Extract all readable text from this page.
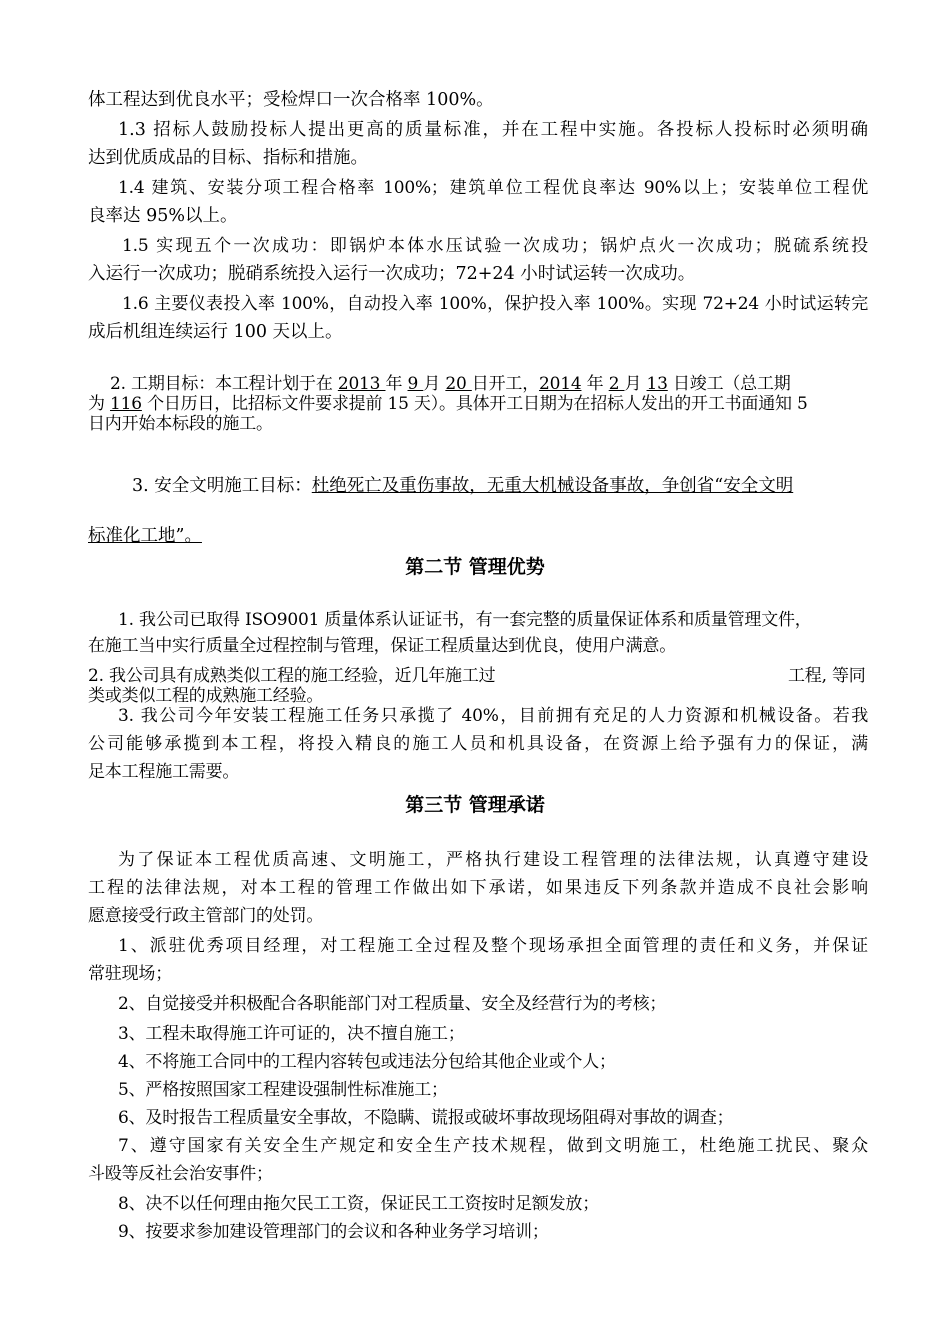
体工程达到优良水平；受检焊口一次合格率 100%。
1.3 招标人鼓励投标人提出更高的质量标准，并在工程中实施。各投标人投标时必须明确
达到优质成品的目标、指标和措施。
1.4 建筑、安装分项工程合格率 100%；建筑单位工程优良率达 90%以上；安装单位工程优
良率达 95%以上。
1.5 实现五个一次成功：即锅炉本体水压试验一次成功；锅炉点火一次成功；脱硫系统投
入运行一次成功；脱硝系统投入运行一次成功；72+24 小时试运转一次成功。
1.6 主要仪表投入率 100%，自动投入率 100%，保护投入率 100%。实现 72+24 小时试运转完
成后机组连续运行 100 天以上。
2. 工期目标：本工程计划于在 2013 年 9 月 20 日开工，2014 年 2 月 13 日竣工（总工期
为 116 个日历日，比招标文件要求提前 15 天）。具体开工日期为在招标人发出的开工书面通知 5
日内开始本标段的施工。
3. 安全文明施工目标：杜绝死亡及重伤事故，无重大机械设备事故，争创省“安全文明
标准化工地”。
第二节 管理优势
1. 我公司已取得 ISO9001 质量体系认证证书，有一套完整的质量保证体系和质量管理文件，
在施工当中实行质量全过程控制与管理，保证工程质量达到优良，使用户满意。
2. 我公司具有成熟类似工程的施工经验，近几年施工过	工程, 等同
类或类似工程的成熟施工经验。
3. 我公司今年安装工程施工任务只承揽了 40%，目前拥有充足的人力资源和机械设备。若我
公司能够承揽到本工程，将投入精良的施工人员和机具设备，在资源上给予强有力的保证，满
足本工程施工需要。
第三节 管理承诺
为了保证本工程优质高速、文明施工，严格执行建设工程管理的法律法规，认真遵守建设
工程的法律法规，对本工程的管理工作做出如下承诺，如果违反下列条款并造成不良社会影响
愿意接受行政主管部门的处罚。
1、派驻优秀项目经理，对工程施工全过程及整个现场承担全面管理的责任和义务，并保证
常驻现场；
2、自觉接受并积极配合各职能部门对工程质量、安全及经营行为的考核；
3、工程未取得施工许可证的，决不擅自施工；
4、不将施工合同中的工程内容转包或违法分包给其他企业或个人；
5、严格按照国家工程建设强制性标准施工；
6、及时报告工程质量安全事故，不隐瞒、谎报或破坏事故现场阻碍对事故的调查；
7、遵守国家有关安全生产规定和安全生产技术规程，做到文明施工，杜绝施工扰民、聚众
斗殴等反社会治安事件；
8、决不以任何理由拖欠民工工资，保证民工工资按时足额发放；
9、按要求参加建设管理部门的会议和各种业务学习培训；
